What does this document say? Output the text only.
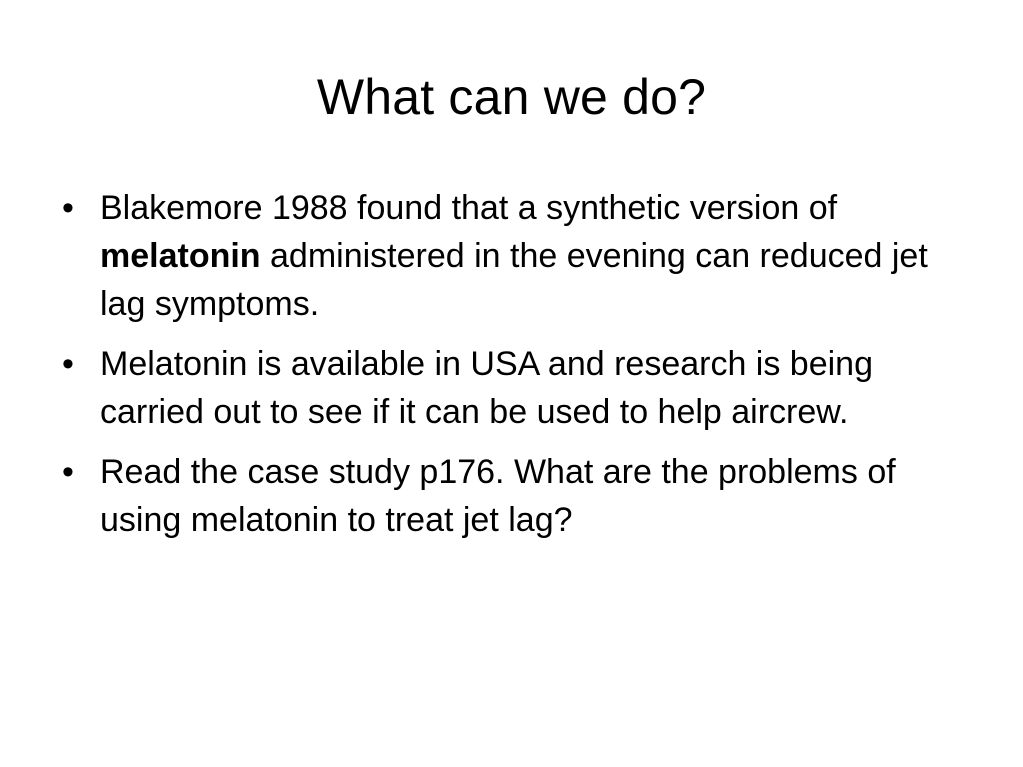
What can we do?
• Blakemore 1988 found that a synthetic version of melatonin administered in the evening can reduced jet lag symptoms.
• Melatonin is available in USA and research is being carried out to see if it can be used to help aircrew.
• Read the case study p176. What are the problems of using melatonin to treat jet lag?
